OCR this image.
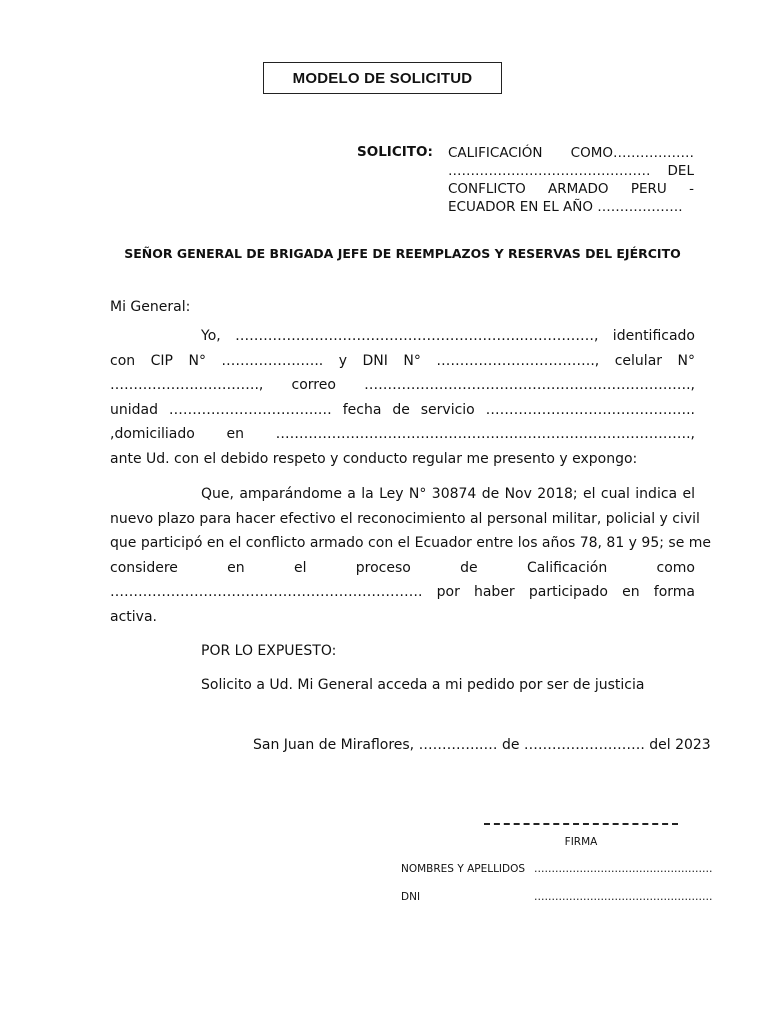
MODELO DE SOLICITUD
SOLICITO: CALIFICACIÓN COMO………………
……………………………………… DEL
CONFLICTO ARMADO PERU -
ECUADOR EN EL AÑO ……………….
SEÑOR GENERAL DE BRIGADA JEFE DE REEMPLAZOS Y RESERVAS DEL EJÉRCITO
Mi General:
Yo, ……………………………………………………..……………, identificado
con CIP N° …….……….….. y DNI N° ……………………………., celular N°
……………….…………., correo …………………………………………………………….,
unidad …………………………..… fecha de servicio ……………………….……………..
,domiciliado en …………………………………………….……………………………….,
ante Ud. con el debido respeto y conducto regular me presento y expongo:
Que, amparándome a la Ley N° 30874 de Nov 2018; el cual indica el
nuevo plazo para hacer efectivo el reconocimiento al personal militar, policial y civil
que participó en el conflicto armado con el Ecuador entre los años 78, 81 y 95; se me
considere en el proceso de Calificación como
…………………………………………………………. por haber participado en forma
activa.
POR LO EXPUESTO:
Solicito a Ud. Mi General acceda a mi pedido por ser de justicia
San Juan de Miraflores, …………..… de ……………….……. del 2023
FIRMA
NOMBRES Y APELLIDOS ……………………………………………
DNI	……………………………………………
